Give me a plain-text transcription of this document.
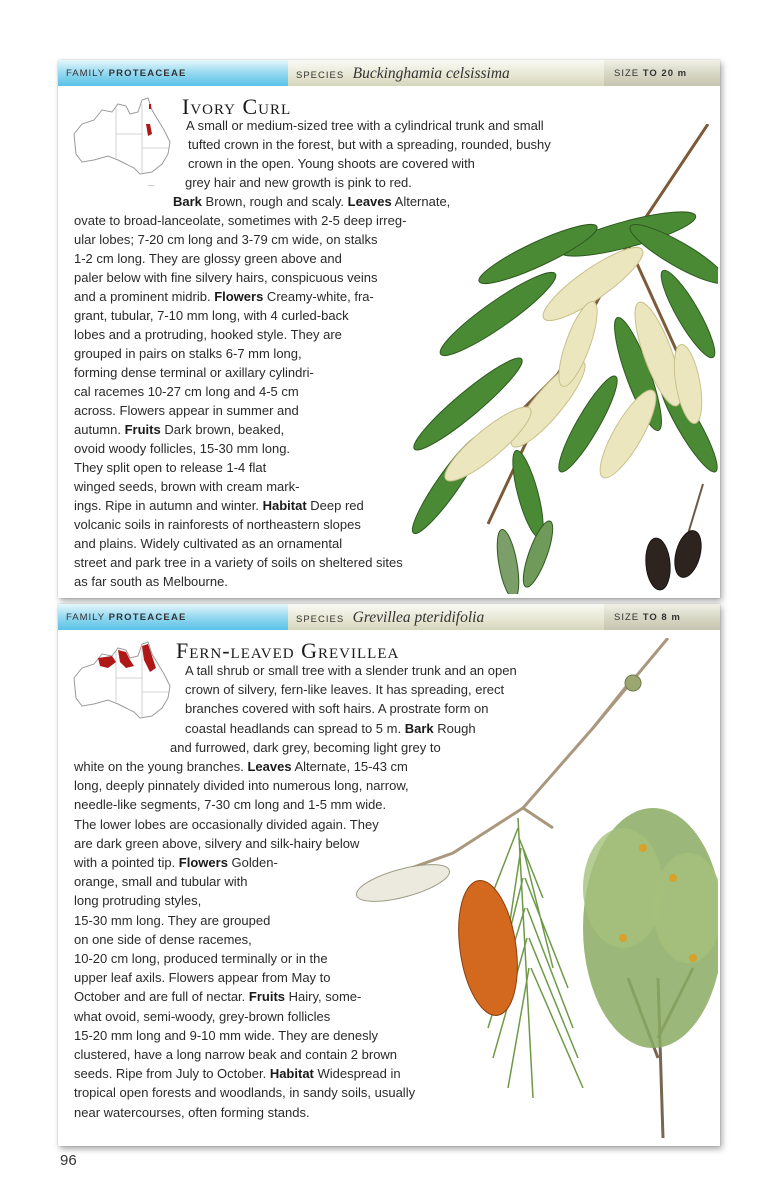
FAMILY PROTEACEAE	SPECIES Buckinghamia celsissima	SIZE TO 20 m
Ivory Curl
A small or medium-sized tree with a cylindrical trunk and small
tufted crown in the forest, but with a spreading, rounded, bushy
crown in the open. Young shoots are covered with
grey hair and new growth is pink to red.
Bark Brown, rough and scaly. Leaves Alternate,
ovate to broad-lanceolate, sometimes with 2-5 deep irreg-
ular lobes; 7-20 cm long and 3-79 cm wide, on stalks
1-2 cm long. They are glossy green above and
paler below with fine silvery hairs, conspicuous veins
and a prominent midrib. Flowers Creamy-white, fra-
grant, tubular, 7-10 mm long, with 4 curled-back
lobes and a protruding, hooked style. They are
grouped in pairs on stalks 6-7 mm long,
forming dense terminal or axillary cylindri-
cal racemes 10-27 cm long and 4-5 cm
across. Flowers appear in summer and
autumn. Fruits Dark brown, beaked,
ovoid woody follicles, 15-30 mm long.
They split open to release 1-4 flat
winged seeds, brown with cream mark-
ings. Ripe in autumn and winter. Habitat Deep red
volcanic soils in rainforests of northeastern slopes
and plains. Widely cultivated as an ornamental
street and park tree in a variety of soils on sheltered sites
as far south as Melbourne.
FAMILY PROTEACEAE	SPECIES Grevillea pteridifolia	SIZE TO 8 m
Fern-leaved Grevillea
A tall shrub or small tree with a slender trunk and an open
crown of silvery, fern-like leaves. It has spreading, erect
branches covered with soft hairs. A prostrate form on
coastal headlands can spread to 5 m. Bark Rough
and furrowed, dark grey, becoming light grey to
white on the young branches. Leaves Alternate, 15-43 cm
long, deeply pinnately divided into numerous long, narrow,
needle-like segments, 7-30 cm long and 1-5 mm wide.
The lower lobes are occasionally divided again. They
are dark green above, silvery and silk-hairy below
with a pointed tip. Flowers Golden-
orange, small and tubular with
long protruding styles,
15-30 mm long. They are grouped
on one side of dense racemes,
10-20 cm long, produced terminally or in the
upper leaf axils. Flowers appear from May to
October and are full of nectar. Fruits Hairy, some-
what ovoid, semi-woody, grey-brown follicles
15-20 mm long and 9-10 mm wide. They are denesly
clustered, have a long narrow beak and contain 2 brown
seeds. Ripe from July to October. Habitat Widespread in
tropical open forests and woodlands, in sandy soils, usually
near watercourses, often forming stands.
96
